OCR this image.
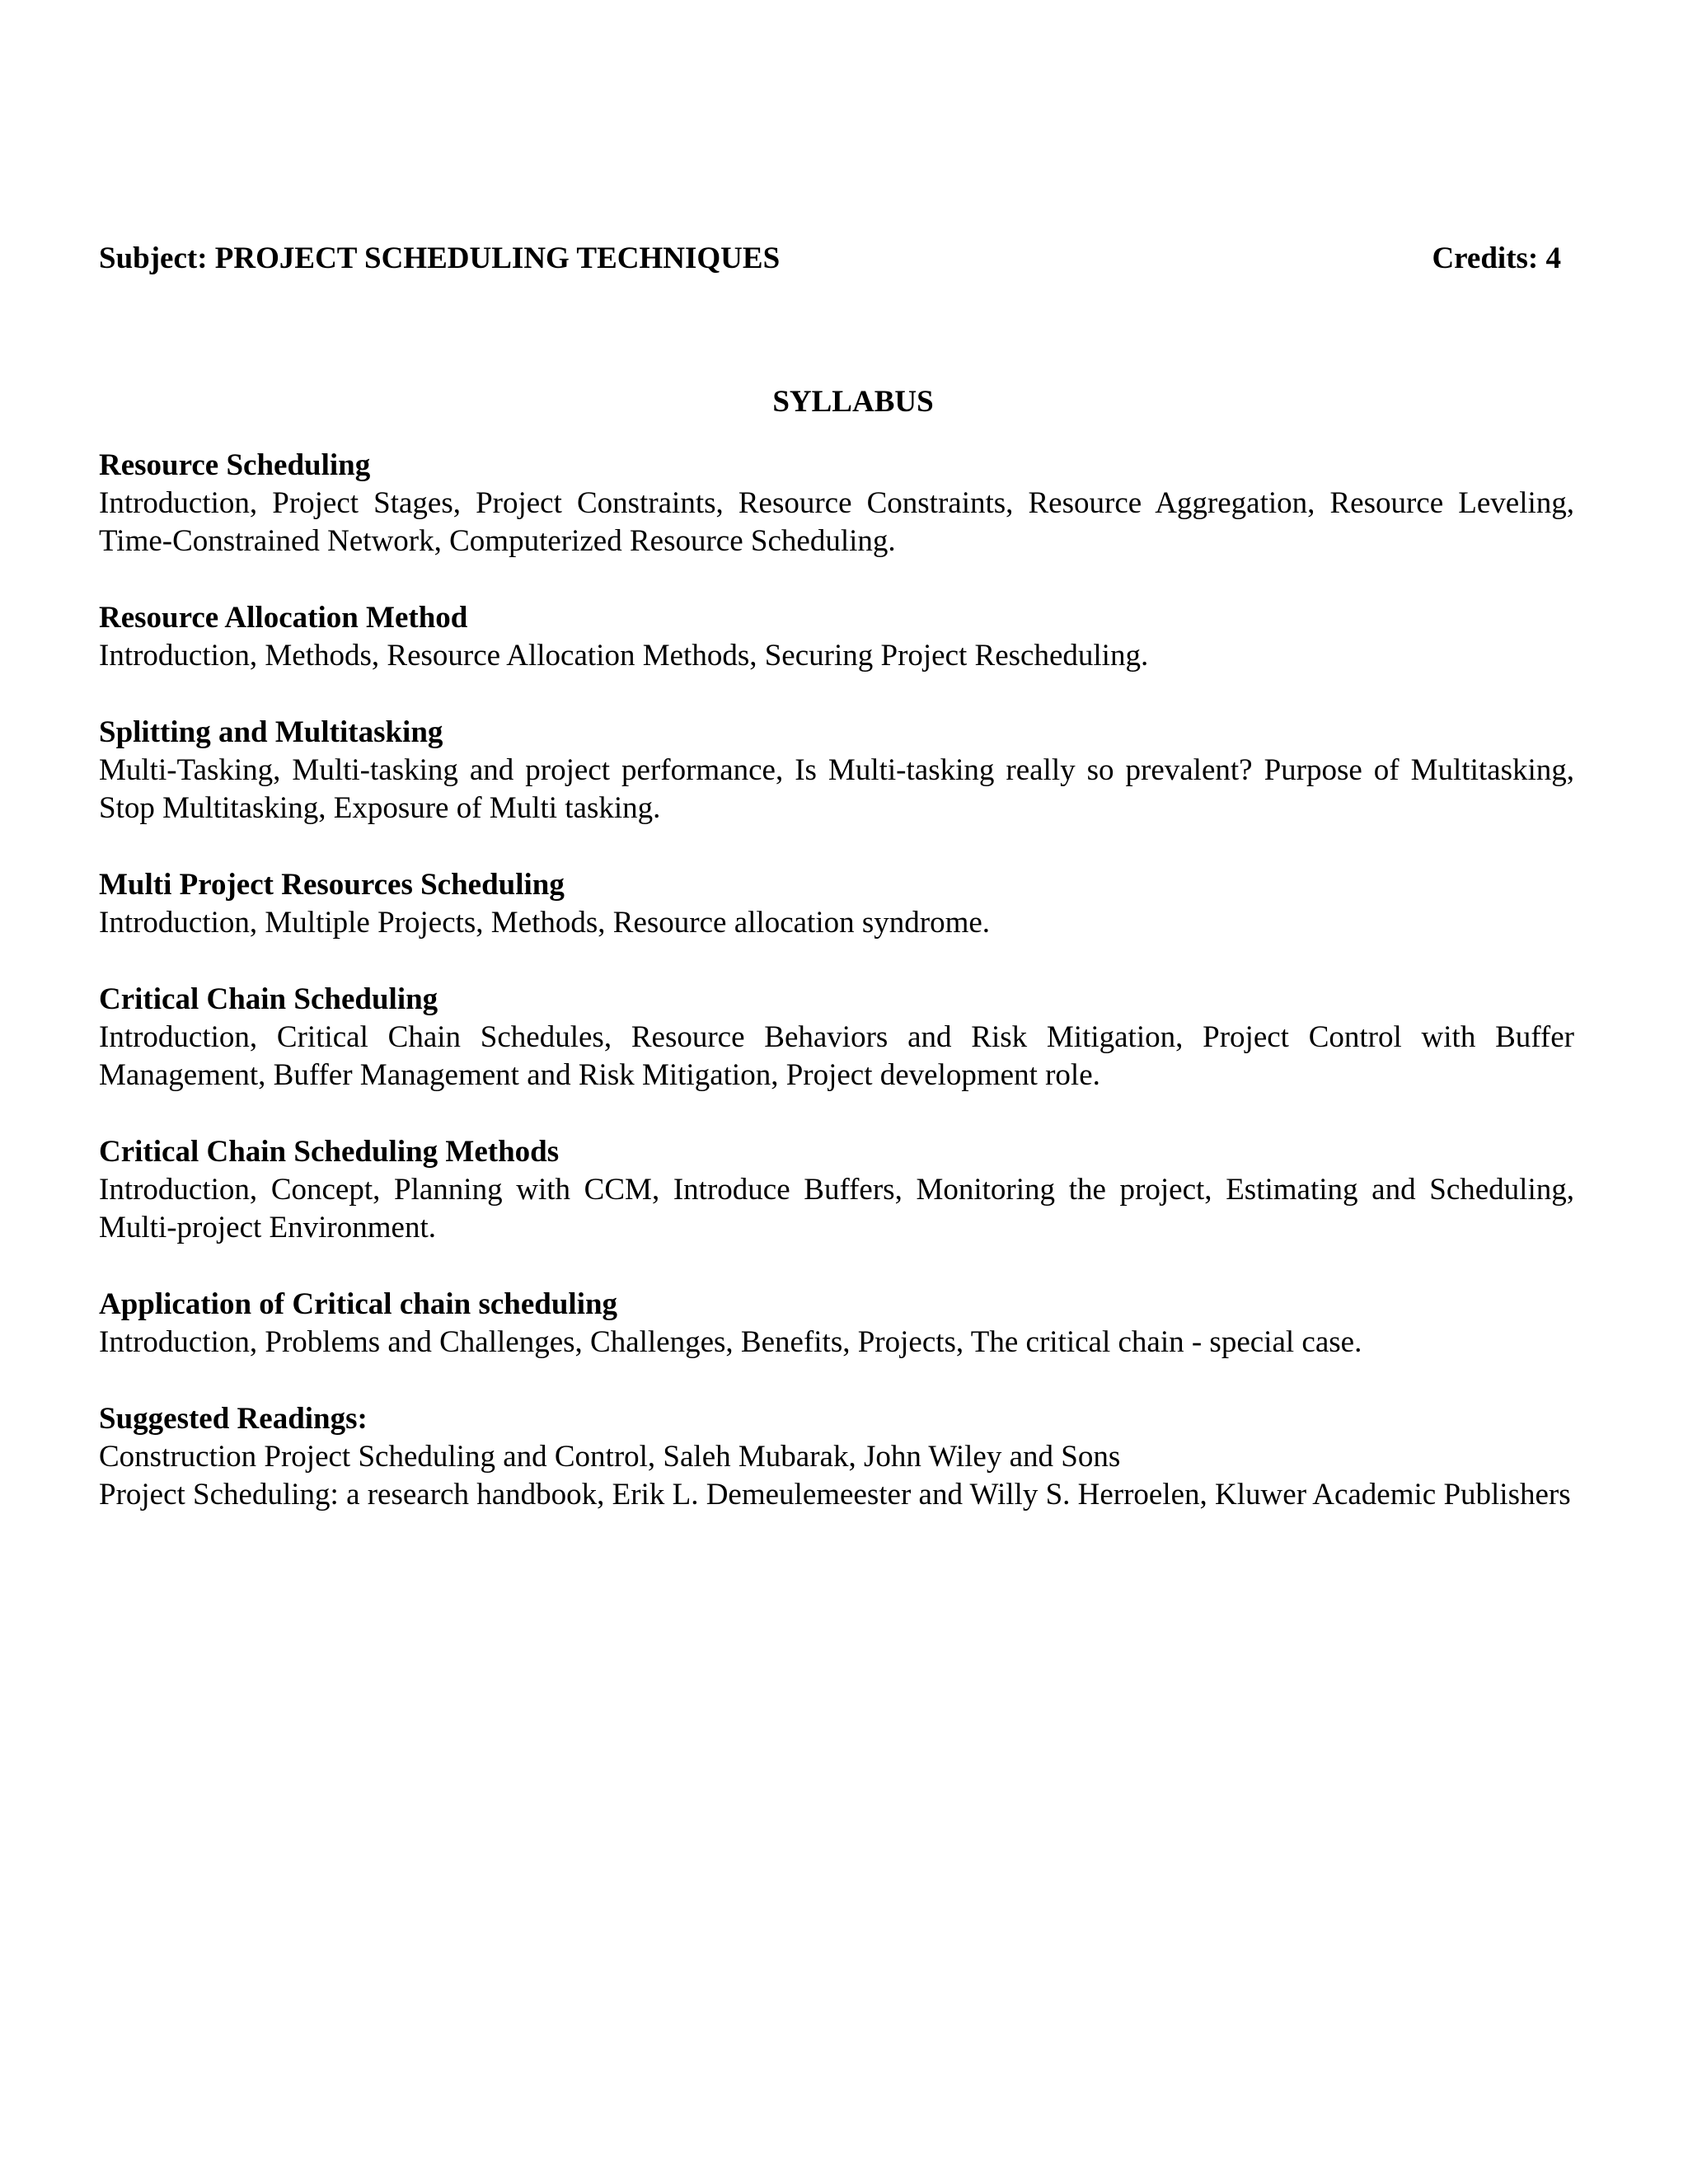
Subject: PROJECT SCHEDULING TECHNIQUES	Credits: 4
SYLLABUS
Resource Scheduling
Introduction, Project Stages, Project Constraints, Resource Constraints, Resource Aggregation, Resource Leveling, Time-Constrained Network, Computerized Resource Scheduling.
Resource Allocation Method
Introduction, Methods, Resource Allocation Methods, Securing Project Rescheduling.
Splitting and Multitasking
Multi-Tasking, Multi-tasking and project performance, Is Multi-tasking really so prevalent? Purpose of Multitasking, Stop Multitasking, Exposure of Multi tasking.
Multi Project Resources Scheduling
Introduction, Multiple Projects, Methods, Resource allocation syndrome.
Critical Chain Scheduling
Introduction, Critical Chain Schedules, Resource Behaviors and Risk Mitigation, Project Control with Buffer Management, Buffer Management and Risk Mitigation, Project development role.
Critical Chain Scheduling Methods
Introduction, Concept, Planning with CCM, Introduce Buffers, Monitoring the project, Estimating and Scheduling, Multi-project Environment.
Application of Critical chain scheduling
Introduction, Problems and Challenges, Challenges, Benefits, Projects, The critical chain - special case.
Suggested Readings:
Construction Project Scheduling and Control, Saleh Mubarak, John Wiley and Sons
Project Scheduling: a research handbook, Erik L. Demeulemeester and Willy S. Herroelen, Kluwer Academic Publishers
